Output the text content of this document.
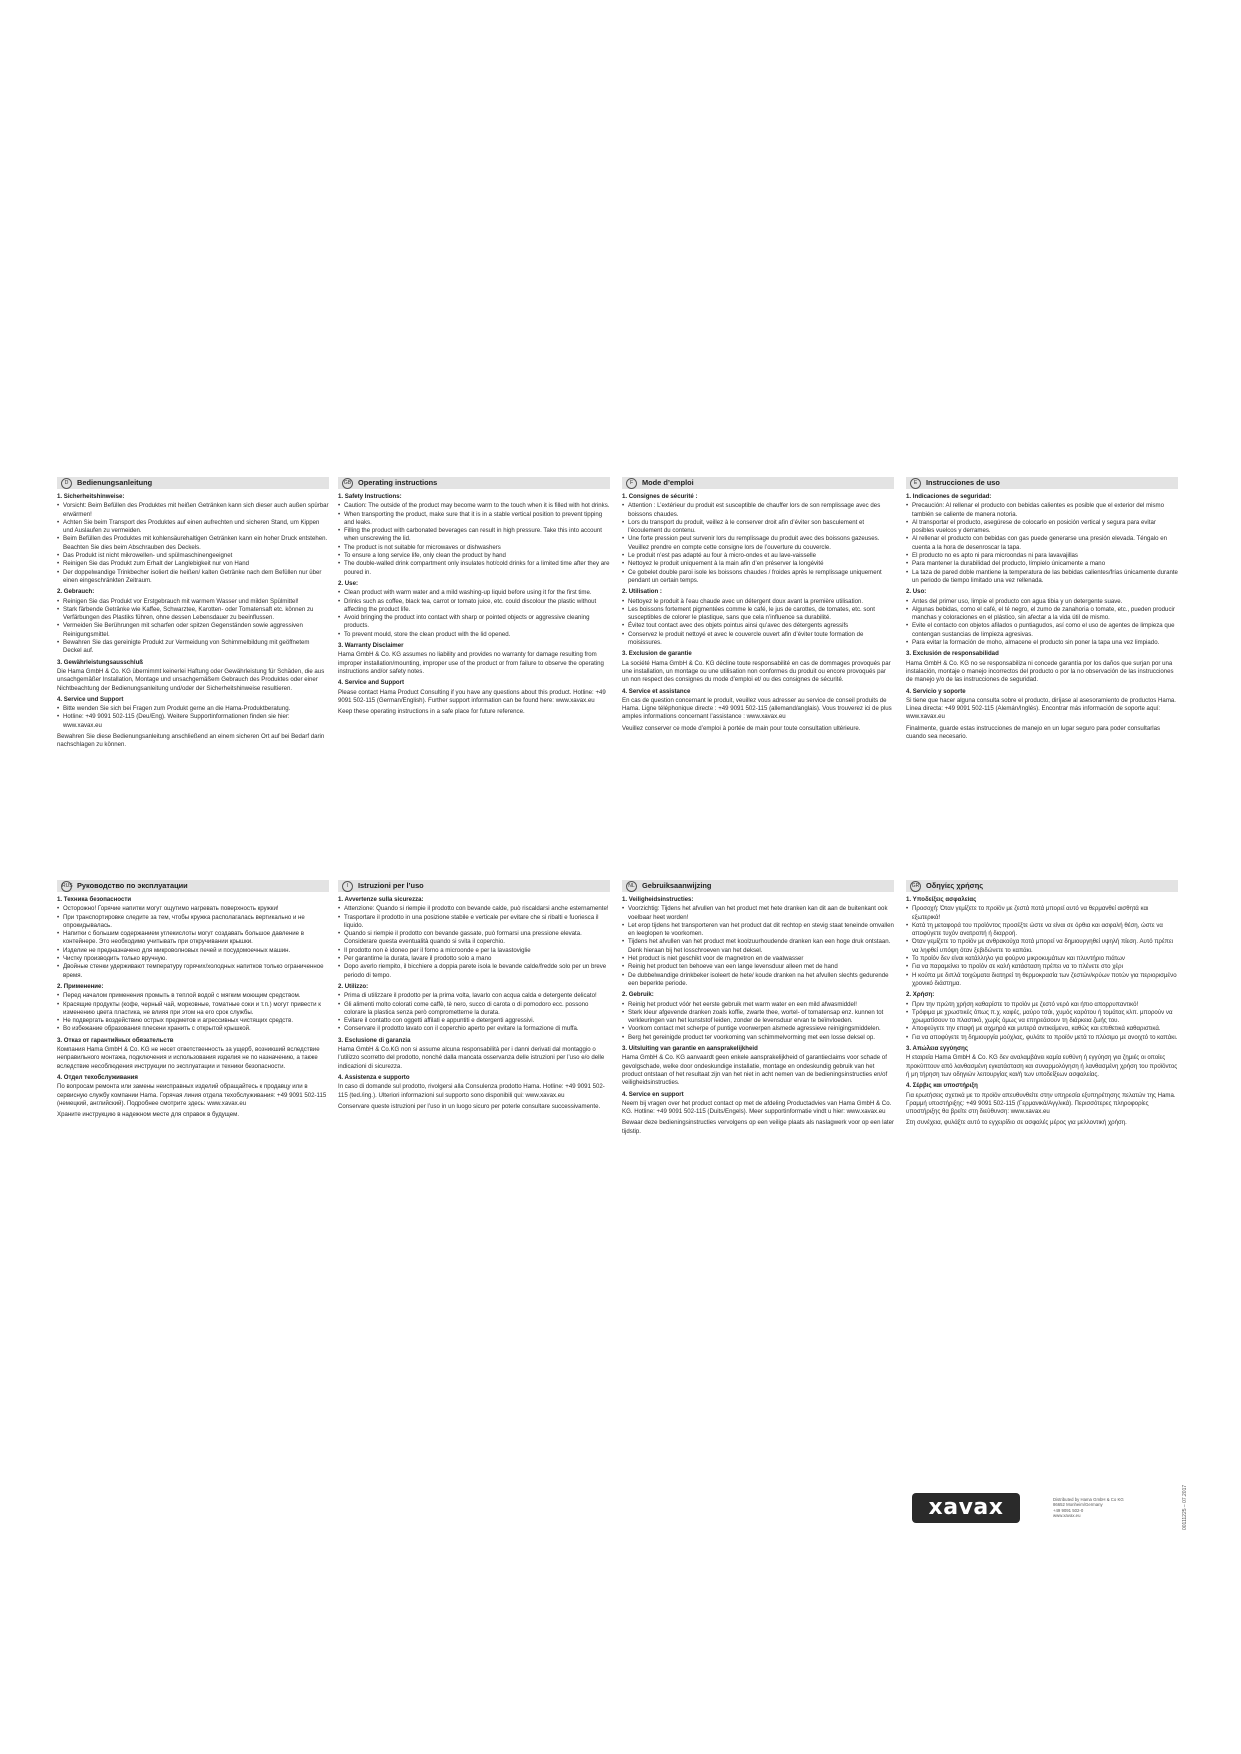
D	Bedienungsanleitung
1. Sicherheitshinweise:
• Vorsicht: Beim Befüllen des Produktes mit heißen Getränken kann sich dieser auch außen spürbar erwärmen!
• Achten Sie beim Transport des Produktes auf einen aufrechten und sicheren Stand, um Kippen und Auslaufen zu vermeiden.
• Beim Befüllen des Produktes mit kohlensäurehaltigen Getränken kann ein hoher Druck entstehen. Beachten Sie dies beim Abschrauben des Deckels.
• Das Produkt ist nicht mikrowellen- und spülmaschinengeeignet
• Reinigen Sie das Produkt zum Erhalt der Langlebigkeit nur von Hand
• Der doppelwandige Trinkbecher isoliert die heißen/ kalten Getränke nach dem Befüllen nur über einen eingeschränkten Zeitraum.
2. Gebrauch:
• Reinigen Sie das Produkt vor Erstgebrauch mit warmem Wasser und milden Spülmittel!
• Stark färbende Getränke wie Kaffee, Schwarztee, Karotten- oder Tomatensaft etc. können zu Verfärbungen des Plastiks führen, ohne dessen Lebensdauer zu beeinflussen.
• Vermeiden Sie Berührungen mit scharfen oder spitzen Gegenständen sowie aggressiven Reinigungsmittel.
• Bewahren Sie das gereinigte Produkt zur Vermeidung von Schimmelbildung mit geöffnetem Deckel auf.
3. Gewährleistungsausschluß

Die Hama GmbH & Co. KG übernimmt keinerlei Haftung oder Gewährleistung für Schäden, die aus unsachgemäßer Installation, Montage und unsachgemäßem Gebrauch des Produktes oder einer Nichtbeachtung der Bedienungsanleitung und/oder der Sicherheitshinweise resultieren.

4. Service und Support
• Bitte wenden Sie sich bei Fragen zum Produkt gerne an die Hama-Produktberatung.
• Hotline: +49 9091 502-115 (Deu/Eng). Weitere Supportinformationen finden sie hier: www.xavax.eu

Bewahren Sie diese Bedienungsanleitung anschließend an einem sicheren Ort auf bei Bedarf darin nachschlagen zu können.

GB Operating instructions
1. Safety Instructions:
• Caution: The outside of the product may become warm to the touch when it is filled with hot drinks.
• When transporting the product, make sure that it is in a stable vertical position to prevent tipping and leaks.
• Filling the product with carbonated beverages can result in high pressure. Take this into account when unscrewing the lid.
• The product is not suitable for microwaves or dishwashers
• To ensure a long service life, only clean the product by hand
• The double-walled drink compartment only insulates hot/cold drinks for a limited time after they are poured in.
2. Use:
• Clean product with warm water and a mild washing-up liquid before using it for the first time.
• Drinks such as coffee, black tea, carrot or tomato juice, etc. could discolour the plastic without affecting the product life.
• Avoid bringing the product into contact with sharp or pointed objects or aggressive cleaning products.
• To prevent mould, store the clean product with the lid opened.
3. Warranty Disclaimer

Hama GmbH & Co. KG assumes no liability and provides no warranty for damage resulting from improper installation/mounting, improper use of the product or from failure to observe the operating instructions and/or safety notes.

4. Service and Support

Please contact Hama Product Consulting if you have any questions about this product. Hotline: +49 9091 502-115 (German/English). Further support information can be found here: www.xavax.eu

Keep these operating instructions in a safe place for future reference.

F	Mode d’emploi
1. Consignes de sécurité :
• Attention : L’extérieur du produit est susceptible de chauffer lors de son remplissage avec des boissons chaudes.
• Lors du transport du produit, veillez à le conserver droit afin d’éviter son basculement et l’écoulement du contenu.
• Une forte pression peut survenir lors du remplissage du produit avec des boissons gazeuses. Veuillez prendre en compte cette consigne lors de l’ouverture du couvercle.
• Le produit n’est pas adapté au four à micro-ondes et au lave-vaisselle
• Nettoyez le produit uniquement à la main afin d’en préserver la longévité
• Ce gobelet double paroi isole les boissons chaudes / froides après le remplissage uniquement pendant un certain temps.
2. Utilisation :
• Nettoyez le produit à l’eau chaude avec un détergent doux avant la première utilisation.
• Les boissons fortement pigmentées comme le café, le jus de carottes, de tomates, etc. sont susceptibles de colorer le plastique, sans que cela n’influence sa durabilité.
• Évitez tout contact avec des objets pointus ainsi qu’avec des détergents agressifs
• Conservez le produit nettoyé et avec le couvercle ouvert afin d’éviter toute formation de moisissures.
3. Exclusion de garantie

La société Hama GmbH & Co. KG décline toute responsabilité en cas de dommages provoqués par une installation, un montage ou une utilisation non conformes du produit ou encore provoqués par un non respect des consignes du mode d’emploi et/ ou des consignes de sécurité.

4. Service et assistance

En cas de question concernant le produit, veuillez vous adresser au service de conseil produits de Hama. Ligne téléphonique directe : +49 9091 502-115 (allemand/anglais). Vous trouverez ici de plus amples informations concernant l’assistance : www.xavax.eu

Veuillez conserver ce mode d’emploi à portée de main pour toute consultation ultérieure.

E	Instrucciones de uso
1. Indicaciones de seguridad:
• Precaución: Al rellenar el producto con bebidas calientes es posible que el exterior del mismo también se caliente de manera notoria.
• Al transportar el producto, asegúrese de colocarlo en posición vertical y segura para evitar posibles vuelcos y derrames.
• Al rellenar el producto con bebidas con gas puede generarse una presión elevada. Téngalo en cuenta a la hora de desenroscar la tapa.
• El producto no es apto ni para microondas ni para lavavajillas
• Para mantener la durabilidad del producto, límpielo únicamente a mano
• La taza de pared doble mantiene la temperatura de las bebidas calientes/frías únicamente durante un periodo de tiempo limitado una vez rellenada.
2. Uso:
• Antes del primer uso, limpie el producto con agua tibia y un detergente suave.
• Algunas bebidas, como el café, el té negro, el zumo de zanahoria o tomate, etc., pueden producir manchas y coloraciones en el plástico, sin afectar a la vida útil de mismo.
• Evite el contacto con objetos afilados o puntiagudos, así como el uso de agentes de limpieza que contengan sustancias de limpieza agresivas.
• Para evitar la formación de moho, almacene el producto sin poner la tapa una vez limpiado.
3. Exclusión de responsabilidad

Hama GmbH & Co. KG no se responsabiliza ni concede garantía por los daños que surjan por una instalación, montaje o manejo incorrectos del producto o por la no observación de las instrucciones de manejo y/o de las instrucciones de seguridad.

4. Servicio y soporte

Si tiene que hacer alguna consulta sobre el producto, diríjase al asesoramiento de productos Hama. Línea directa: +49 9091 502-115 (Alemán/Inglés). Encontrar más información de soporte aquí: www.xavax.eu

Finalmente, guarde estas instrucciones de manejo en un lugar seguro para poder consultarlas cuando sea necesario.

RUS Руководство по эксплуатации
1. Техника безопасности
• Осторожно! Горячие напитки могут ощутимо нагревать поверхность кружки!
• При транспортировке следите за тем, чтобы кружка располагалась вертикально и не опрокидывалась.
• Напитки с большим содержанием углекислоты могут создавать большое давление в контейнере. Это необходимо учитывать при откручивании крышки.
• Изделие не предназначено для микроволновых печей и посудомоечных машин.
• Чистку производить только вручную.
• Двойные стенки удерживают температуру горячих/холодных напитков только ограниченное время.
2. Применение:
• Перед началом применения промыть в теплой водой с мягким моющим средством.
• Красящие продукты (кофе, черный чай, морковные, томатные соки и т.п.) могут привести к изменению цвета пластика, не влияя при этом на его срок службы.
• Не подвергать воздействию острых предметов и агрессивных чистящих средств.
• Во избежание образования плесени хранить с открытой крышкой.
3. Отказ от гарантийных обязательств

Компания Hama GmbH & Co. KG не несет ответственность за ущерб, возникший вследствие неправильного монтажа, подключения и использования изделия не по назначению, а также вследствие несоблюдения инструкции по эксплуатации и техники безопасности.

4. Отдел техобслуживания

По вопросам ремонта или замены неисправных изделий обращайтесь к продавцу или в сервисную службу компании Hama. Горячая линия отдела техобслуживания: +49 9091 502-115 (немецкий, английский). Подробнее смотрите здесь: www.xavax.eu

Храните инструкцию в надежном месте для справок в будущем.

I	Istruzioni per l’uso
1. Avvertenze sulla sicurezza:
• Attenzione: Quando si riempie il prodotto con bevande calde, può riscaldarsi anche esternamente!
• Trasportare il prodotto in una posizione stabile e verticale per evitare che si ribalti e fuoriesca il liquido.
• Quando si riempie il prodotto con bevande gassate, può formarsi una pressione elevata. Considerare questa eventualità quando si svita il coperchio.
• Il prodotto non è idoneo per il forno a microonde e per la lavastoviglie
• Per garantirne la durata, lavare il prodotto solo a mano
• Dopo averlo riempito, il bicchiere a doppia parete isola le bevande calde/fredde solo per un breve periodo di tempo.
2. Utilizzo:
• Prima di utilizzare il prodotto per la prima volta, lavarlo con acqua calda e detergente delicato!
• Gli alimenti molto colorati come caffè, tè nero, succo di carota o di pomodoro ecc. possono colorare la plastica senza però comprometterne la durata.
• Evitare il contatto con oggetti affilati e appuntiti e detergenti aggressivi.
• Conservare il prodotto lavato con il coperchio aperto per evitare la formazione di muffa.
3. Esclusione di garanzia

Hama GmbH & Co.KG non si assume alcuna responsabilità per i danni derivati dal montaggio o l’utilizzo scorretto del prodotto, nonché dalla mancata osservanza delle istruzioni per l’uso e/o delle indicazioni di sicurezza.

4. Assistenza e supporto

In caso di domande sul prodotto, rivolgersi alla Consulenza prodotto Hama. Hotline: +49 9091 502-115 (ted./ing.). Ulteriori informazioni sul supporto sono disponibili qui: www.xavax.eu

Conservare queste istruzioni per l’uso in un luogo sicuro per poterle consultare successivamente.

NL Gebruiksaanwijzing
1. Veiligheidsinstructies:
• Voorzichtig: Tijdens het afvullen van het product met hete dranken kan dit aan de buitenkant ook voelbaar heet worden!
• Let erop tijdens het transporteren van het product dat dit rechtop en stevig staat teneinde omvallen en leeglopen te voorkomen.
• Tijdens het afvullen van het product met koolzuurhoudende dranken kan een hoge druk ontstaan. Denk hieraan bij het losschroeven van het deksel.
• Het product is niet geschikt voor de magnetron en de vaatwasser
• Reinig het product ten behoeve van een lange levensduur alleen met de hand
• De dubbelwandige drinkbeker isoleert de hete/ koude dranken na het afvullen slechts gedurende een beperkte periode.
2. Gebruik:
• Reinig het product vóór het eerste gebruik met warm water en een mild afwasmiddel!
• Sterk kleur afgevende dranken zoals koffie, zwarte thee, wortel- of tomatensap enz. kunnen tot verkleuringen van het kunststof leiden, zonder de levensduur ervan te beïnvloeden.
• Voorkom contact met scherpe of puntige voorwerpen alsmede agressieve reinigingsmiddelen.
• Berg het gereinigde product ter voorkoming van schimmelvorming met een losse deksel op.
3. Uitsluiting van garantie en aansprakelijkheid

Hama GmbH & Co. KG aanvaardt geen enkele aansprakelijkheid of garantieclaims voor schade of gevolgschade, welke door ondeskundige installatie, montage en ondeskundig gebruik van het product ontstaan of het resultaat zijn van het niet in acht nemen van de bedieningsinstructies en/of veiligheidsinstructies.

4. Service en support

Neem bij vragen over het product contact op met de afdeling Productadvies van Hama GmbH & Co. KG. Hotline: +49 9091 502-115 (Duits/Engels). Meer supportinformatie vindt u hier: www.xavax.eu

Bewaar deze bedieningsinstructies vervolgens op een veilige plaats als naslagwerk voor op een later tijdstip.

GR Οδηγίες χρήσης
1. Υποδείξεις ασφαλείας
• Προσοχή: Όταν γεμίζετε το προϊόν με ζεστά ποτά μπορεί αυτό να θερμανθεί αισθητά και εξωτερικά!
• Κατά τη μεταφορά του προϊόντος προσέξτε ώστε να είναι σε όρθια και ασφαλή θέση, ώστε να αποφύγετε τυχόν ανατροπή ή διαρροή.
• Όταν γεμίζετε το προϊόν με ανθρακούχα ποτά μπορεί να δημιουργηθεί υψηλή πίεση. Αυτό πρέπει να ληφθεί υπόψη όταν ξεβιδώνετε το καπάκι.
• Το προϊόν δεν είναι κατάλληλο για φούρνο μικροκυμάτων και πλυντήριο πιάτων
• Για να παραμείνει το προϊόν σε καλή κατάσταση πρέπει να το πλένετε στο χέρι
• Η κούπα με διπλά τοιχώματα διατηρεί τη θερμοκρασία των ζεστών/κρύων ποτών για περιορισμένο χρονικό διάστημα.
2. Χρήση:
• Πριν την πρώτη χρήση καθαρίστε το προϊόν με ζεστό νερό και ήπιο απορρυπαντικό!
• Τρόφιμα με χρωστικές όπως π.χ. καφές, μαύρο τσάι, χυμός καρότου ή τομάτας κλπ. μπορούν να χρωματίσουν το πλαστικό, χωρίς όμως να επηρεάσουν τη διάρκεια ζωής του.
• Αποφεύγετε την επαφή με αιχμηρά και μυτερά αντικείμενα, καθώς και επιθετικά καθαριστικά.
• Για να αποφύγετε τη δημιουργία μούχλας, φυλάτε το προϊόν μετά το πλύσιμο με ανοιχτό το καπάκι.
3. Απώλεια εγγύησης

Η εταιρεία Hama GmbH & Co. KG δεν αναλαμβάνει καμία ευθύνη ή εγγύηση για ζημιές οι οποίες προκύπτουν από λανθασμένη εγκατάσταση και συναρμολόγηση ή λανθασμένη χρήση του προϊόντος ή μη τήρηση των οδηγιών λειτουργίας και/ή των υποδείξεων ασφαλείας.

4. Σέρβις και υποστήριξη

Για ερωτήσεις σχετικά με το προϊόν απευθυνθείτε στην υπηρεσία εξυπηρέτησης πελατών της Hama. Γραμμή υποστήριξης: +49 9091 502-115 (Γερμανικά/Αγγλικά). Περισσότερες πληροφορίες υποστήριξης θα βρείτε στη διεύθυνση: www.xavax.eu

Στη συνέχεια, φυλάξτε αυτό το εγχειρίδιο σε ασφαλές μέρος για μελλοντική χρήση.

xavax	Distributed by Hama GmbH & Co KG
86652 Monheim/Germany
+49 9091 502-0
www.xavax.eu	00111225 – 07.2017
